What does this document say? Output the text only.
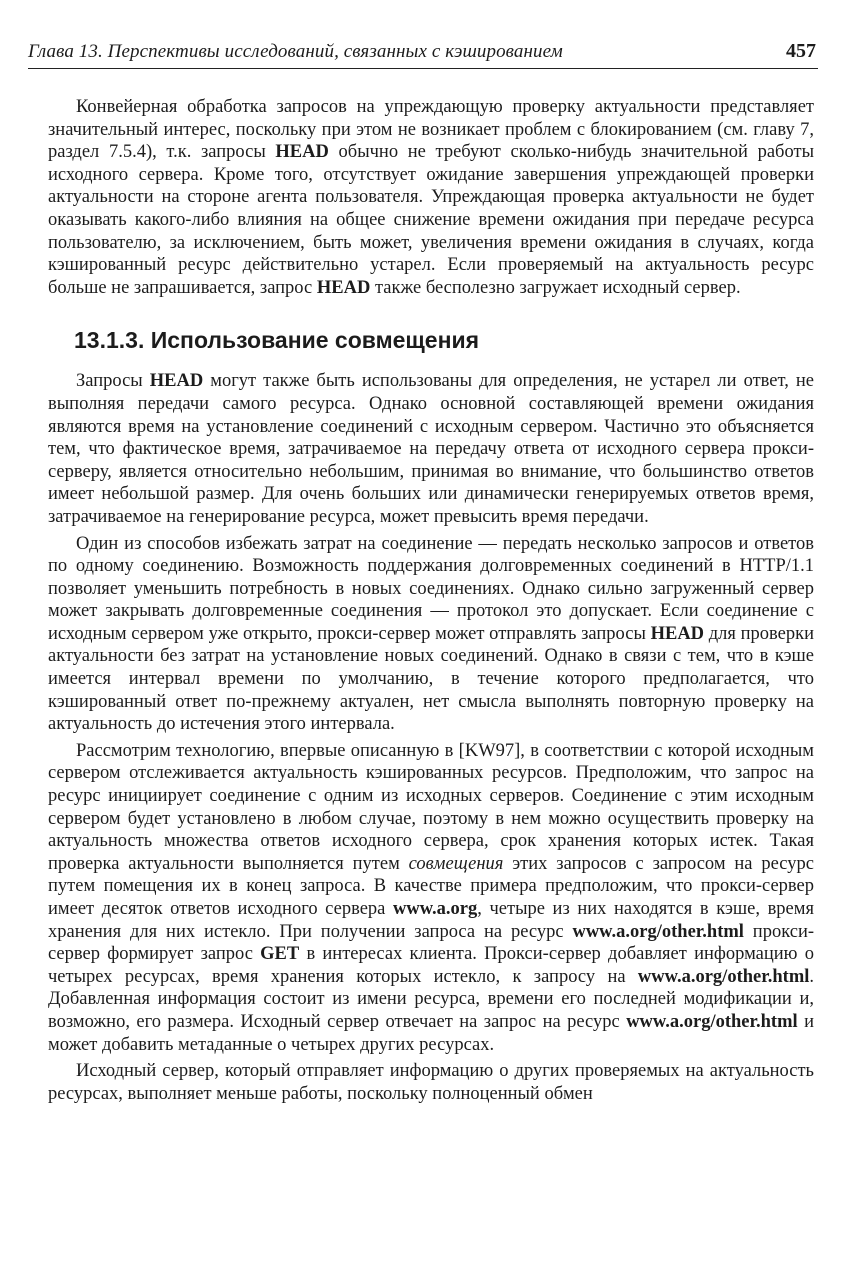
Глава 13. Перспективы исследований, связанных с кэшированием	457

Конвейерная обработка запросов на упреждающую проверку актуальности представляет значительный интерес, поскольку при этом не возникает проблем с блокированием (см. главу 7, раздел 7.5.4), т.к. запросы HEAD обычно не требуют сколько-нибудь значительной работы исходного сервера. Кроме того, отсутствует ожидание завершения упреждающей проверки актуальности на стороне агента пользователя. Упреждающая проверка актуальности не будет оказывать какого-либо влияния на общее снижение времени ожидания при передаче ресурса пользователю, за исключением, быть может, увеличения времени ожидания в случаях, когда кэшированный ресурс действительно устарел. Если проверяемый на актуальность ресурс больше не запрашивается, запрос HEAD также бесполезно загружает исходный сервер.

13.1.3. Использование совмещения

Запросы HEAD могут также быть использованы для определения, не устарел ли ответ, не выполняя передачи самого ресурса. Однако основной составляющей времени ожидания являются время на установление соединений с исходным сервером. Частично это объясняется тем, что фактическое время, затрачиваемое на передачу ответа от исходного сервера прокси-серверу, является относительно небольшим, принимая во внимание, что большинство ответов имеет небольшой размер. Для очень больших или динамически генерируемых ответов время, затрачиваемое на генерирование ресурса, может превысить время передачи.

Один из способов избежать затрат на соединение — передать несколько запросов и ответов по одному соединению. Возможность поддержания долговременных соединений в HTTP/1.1 позволяет уменьшить потребность в новых соединениях. Однако сильно загруженный сервер может закрывать долговременные соединения — протокол это допускает. Если соединение с исходным сервером уже открыто, прокси-сервер может отправлять запросы HEAD для проверки актуальности без затрат на установление новых соединений. Однако в связи с тем, что в кэше имеется интервал времени по умолчанию, в течение которого предполагается, что кэшированный ответ по-прежнему актуален, нет смысла выполнять повторную проверку на актуальность до истечения этого интервала.

Рассмотрим технологию, впервые описанную в [KW97], в соответствии с которой исходным сервером отслеживается актуальность кэшированных ресурсов. Предположим, что запрос на ресурс инициирует соединение с одним из исходных серверов. Соединение с этим исходным сервером будет установлено в любом случае, поэтому в нем можно осуществить проверку на актуальность множества ответов исходного сервера, срок хранения которых истек. Такая проверка актуальности выполняется путем совмещения этих запросов с запросом на ресурс путем помещения их в конец запроса. В качестве примера предположим, что прокси-сервер имеет десяток ответов исходного сервера www.a.org, четыре из них находятся в кэше, время хранения для них истекло. При получении запроса на ресурс www.a.org/other.html прокси-сервер формирует запрос GET в интересах клиента. Прокси-сервер добавляет информацию о четырех ресурсах, время хранения которых истекло, к запросу на www.a.org/other.html. Добавленная информация состоит из имени ресурса, времени его последней модификации и, возможно, его размера. Исходный сервер отвечает на запрос на ресурс www.a.org/other.html и может добавить метаданные о четырех других ресурсах.

Исходный сервер, который отправляет информацию о других проверяемых на актуальность ресурсах, выполняет меньше работы, поскольку полноценный обмен
